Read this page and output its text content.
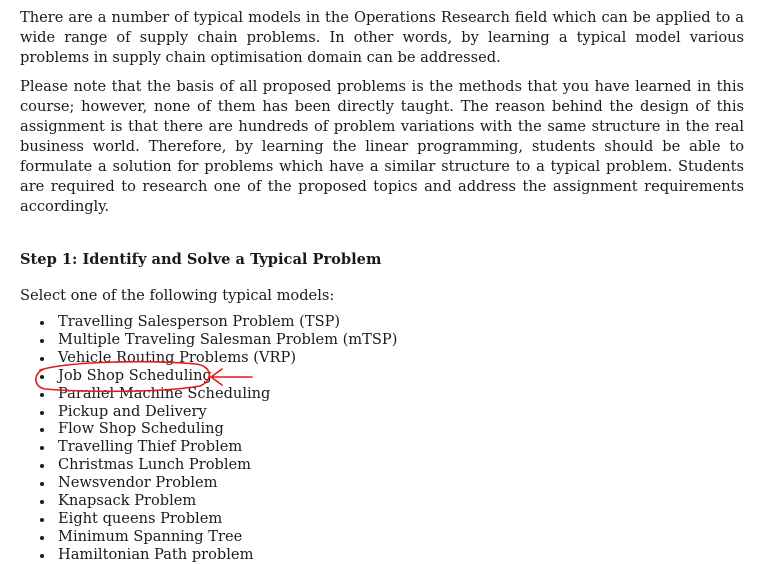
There are a number of typical models in the Operations Research field which can be applied to a wide range of supply chain problems. In other words, by learning a typical model various problems in supply chain optimisation domain can be addressed.

Please note that the basis of all proposed problems is the methods that you have learned in this course; however, none of them has been directly taught. The reason behind the design of this assignment is that there are hundreds of problem variations with the same structure in the real business world. Therefore, by learning the linear programming, students should be able to formulate a solution for problems which have a similar structure to a typical problem. Students are required to research one of the proposed topics and address the assignment requirements accordingly.

Step 1: Identify and Solve a Typical Problem
Select one of the following typical models:
Travelling Salesperson Problem (TSP)
Multiple Traveling Salesman Problem (mTSP)
Vehicle Routing Problems (VRP)
Job Shop Scheduling
Parallel Machine Scheduling
Pickup and Delivery
Flow Shop Scheduling
Travelling Thief Problem
Christmas Lunch Problem
Newsvendor Problem
Knapsack Problem
Eight queens Problem
Minimum Spanning Tree
Hamiltonian Path problem
